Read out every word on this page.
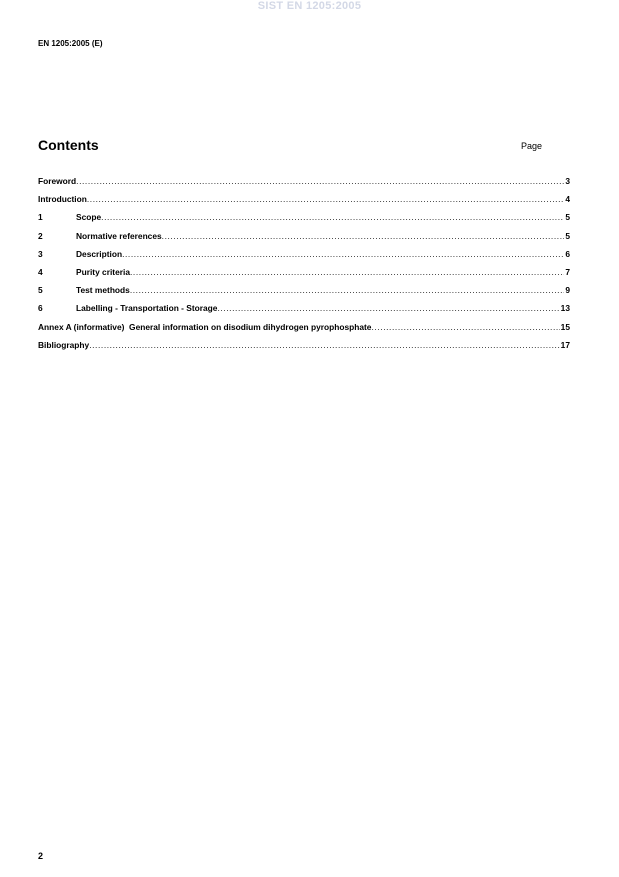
SIST EN 1205:2005
EN 1205:2005 (E)
Contents	Page
Foreword .....	3
Introduction .....	4
1	Scope .....	5
2	Normative references .....	5
3	Description .....	6
4	Purity criteria .....	7
5	Test methods .....	9
6	Labelling - Transportation - Storage .....	13
Annex A (informative)  General information on disodium dihydrogen pyrophosphate .....	15
Bibliography .....	17
2
